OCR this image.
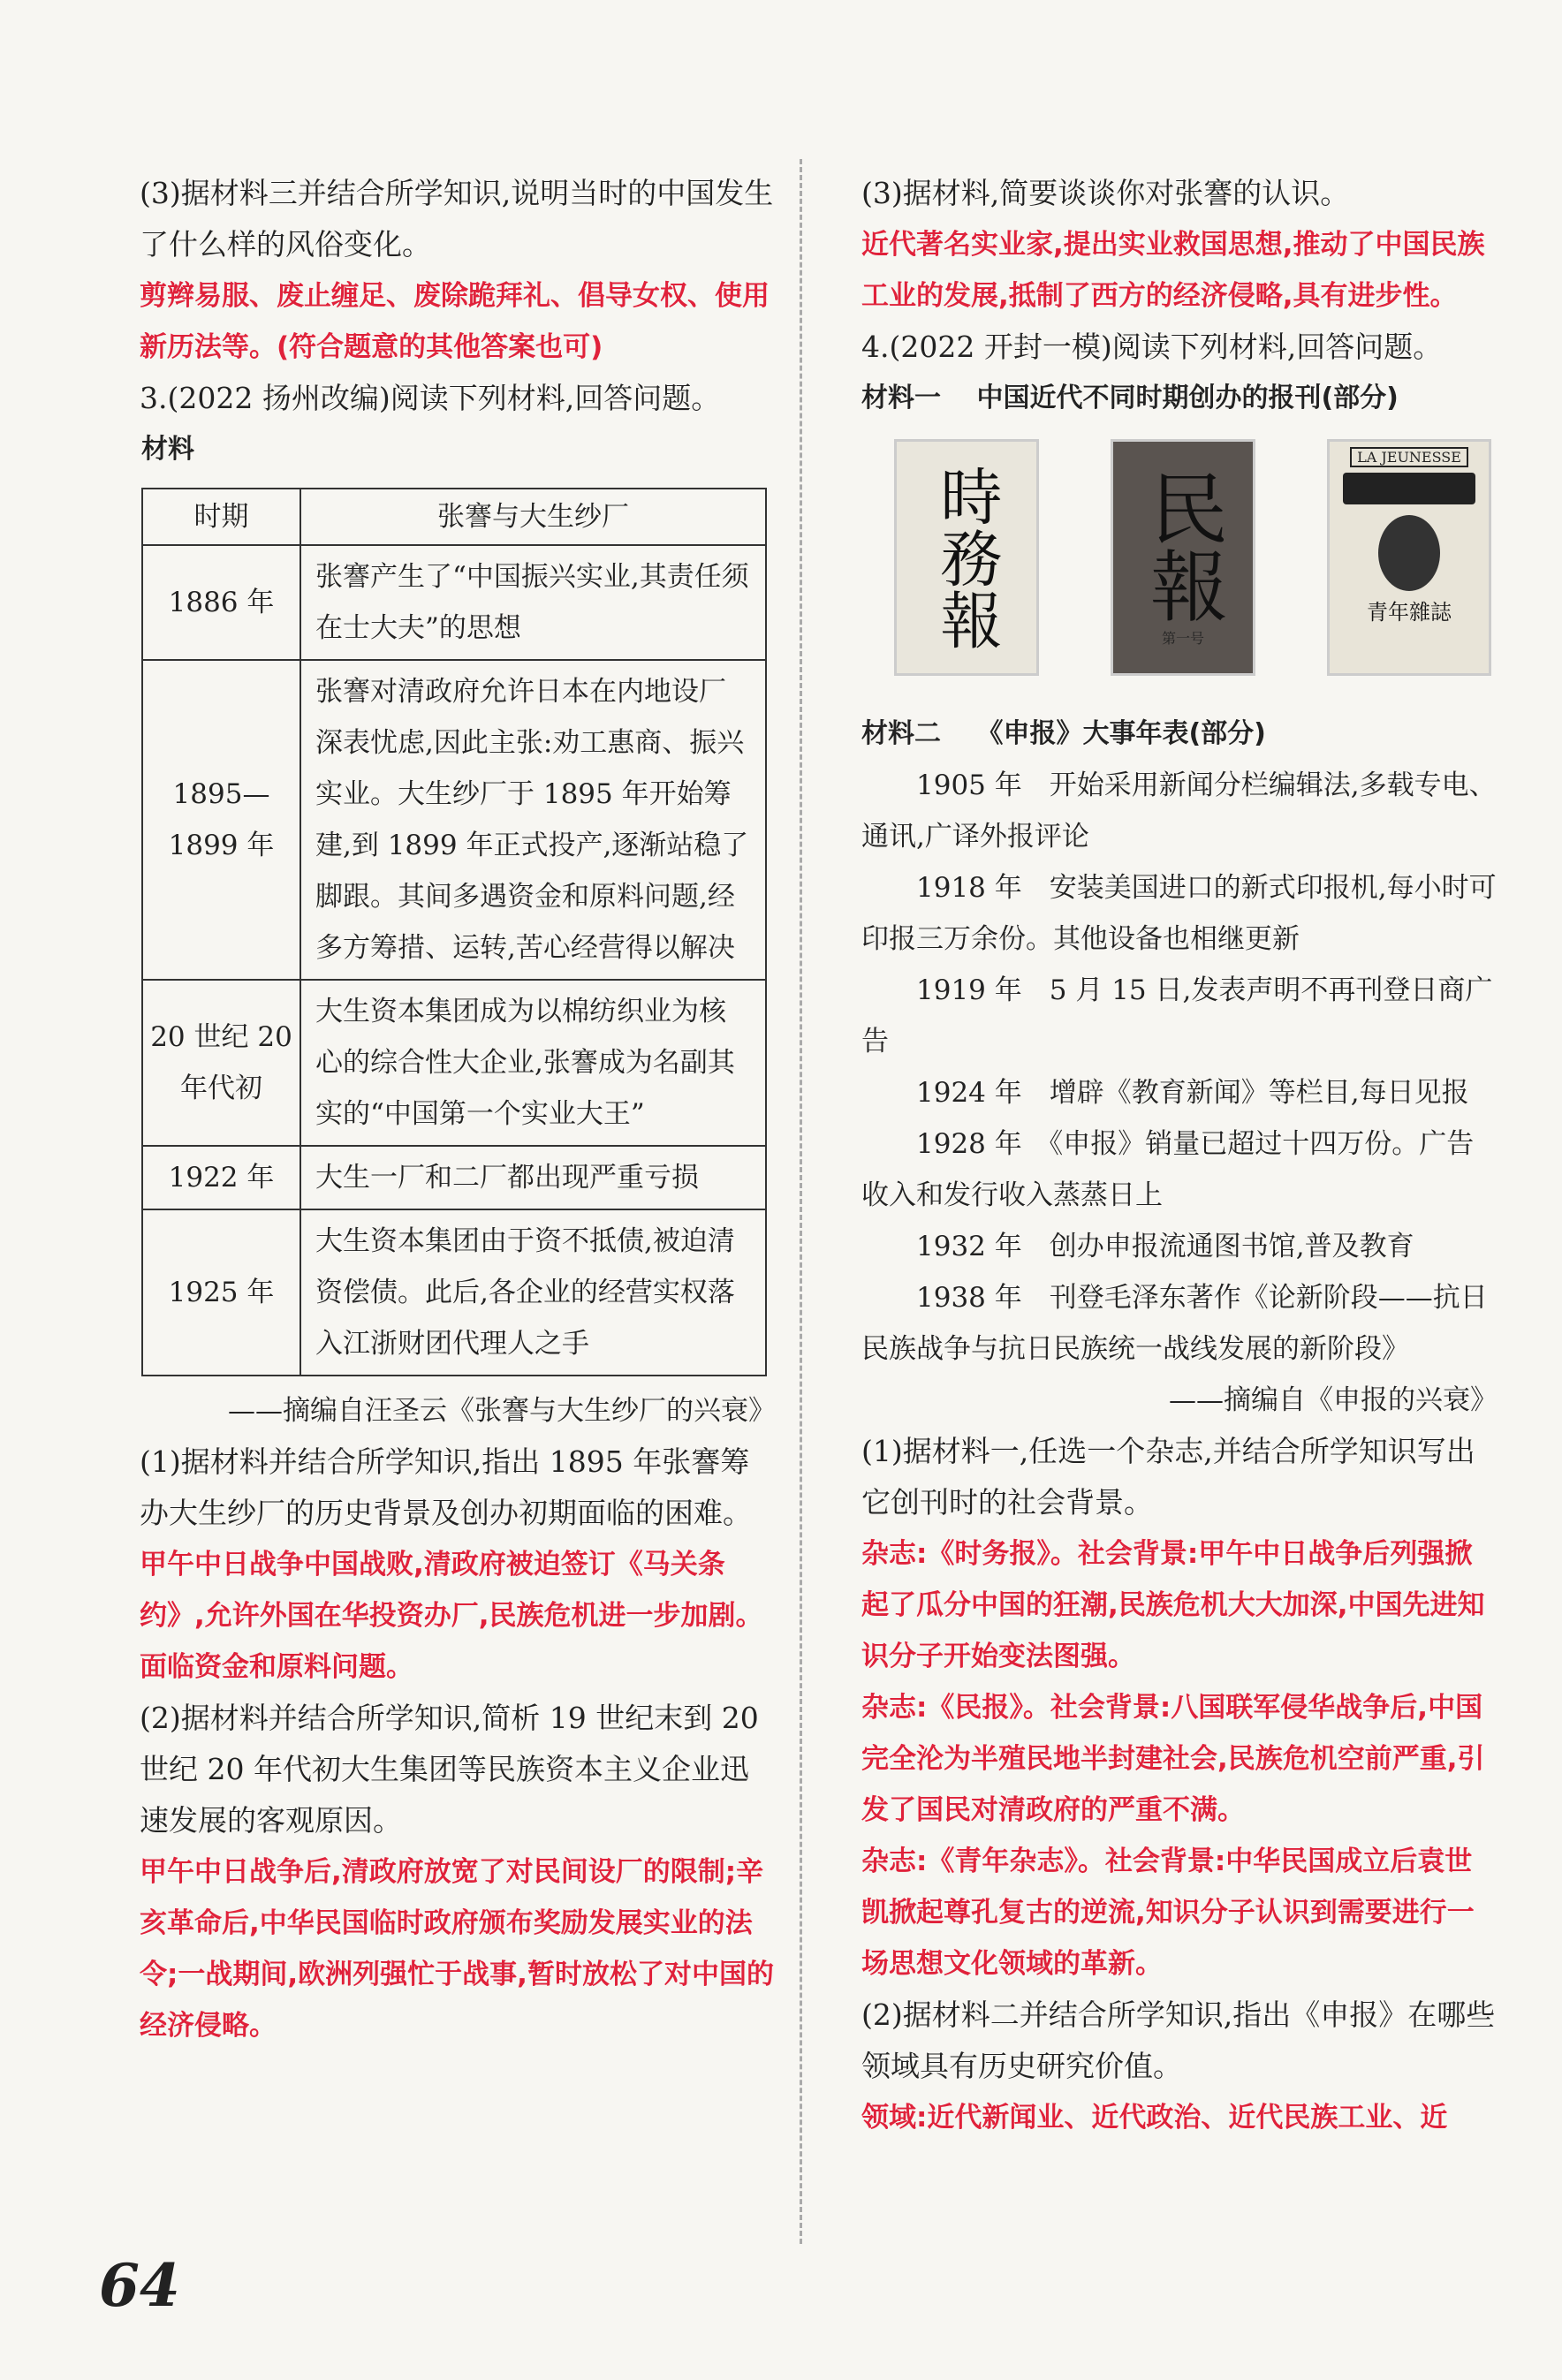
(3)据材料三并结合所学知识,说明当时的中国发生了什么样的风俗变化。

剪辫易服、废止缠足、废除跪拜礼、倡导女权、使用新历法等。(符合题意的其他答案也可)

3.(2022 扬州改编)阅读下列材料,回答问题。

材料

时期	张謇与大生纱厂
1886 年	张謇产生了“中国振兴实业,其责任须在士大夫”的思想
1895—1899 年	张謇对清政府允许日本在内地设厂深表忧虑,因此主张:劝工惠商、振兴实业。大生纱厂于 1895 年开始筹建,到 1899 年正式投产,逐渐站稳了脚跟。其间多遇资金和原料问题,经多方筹措、运转,苦心经营得以解决
20 世纪 20 年代初	大生资本集团成为以棉纺织业为核心的综合性大企业,张謇成为名副其实的“中国第一个实业大王”
1922 年	大生一厂和二厂都出现严重亏损
1925 年	大生资本集团由于资不抵债,被迫清资偿债。此后,各企业的经营实权落入江浙财团代理人之手

——摘编自汪圣云《张謇与大生纱厂的兴衰》

(1)据材料并结合所学知识,指出 1895 年张謇筹办大生纱厂的历史背景及创办初期面临的困难。

甲午中日战争中国战败,清政府被迫签订《马关条约》,允许外国在华投资办厂,民族危机进一步加剧。面临资金和原料问题。

(2)据材料并结合所学知识,简析 19 世纪末到 20 世纪 20 年代初大生集团等民族资本主义企业迅速发展的客观原因。

甲午中日战争后,清政府放宽了对民间设厂的限制;辛亥革命后,中华民国临时政府颁布奖励发展实业的法令;一战期间,欧洲列强忙于战事,暂时放松了对中国的经济侵略。

(3)据材料,简要谈谈你对张謇的认识。

近代著名实业家,提出实业救国思想,推动了中国民族工业的发展,抵制了西方的经济侵略,具有进步性。

4.(2022 开封一模)阅读下列材料,回答问题。

材料一  中国近代不同时期创办的报刊(部分)

時務報 民報
第一号
LA JEUNESSE
青年雜誌

材料二  《申报》大事年表(部分)

1905 年　开始采用新闻分栏编辑法,多载专电、通讯,广译外报评论

1918 年　安装美国进口的新式印报机,每小时可印报三万余份。其他设备也相继更新

1919 年　5 月 15 日,发表声明不再刊登日商广告

1924 年　增辟《教育新闻》等栏目,每日见报

1928 年　《申报》销量已超过十四万份。广告收入和发行收入蒸蒸日上

1932 年　创办申报流通图书馆,普及教育

1938 年　刊登毛泽东著作《论新阶段——抗日民族战争与抗日民族统一战线发展的新阶段》

——摘编自《申报的兴衰》

(1)据材料一,任选一个杂志,并结合所学知识写出它创刊时的社会背景。

杂志:《时务报》。社会背景:甲午中日战争后列强掀起了瓜分中国的狂潮,民族危机大大加深,中国先进知识分子开始变法图强。

杂志:《民报》。社会背景:八国联军侵华战争后,中国完全沦为半殖民地半封建社会,民族危机空前严重,引发了国民对清政府的严重不满。

杂志:《青年杂志》。社会背景:中华民国成立后袁世凯掀起尊孔复古的逆流,知识分子认识到需要进行一场思想文化领域的革新。

(2)据材料二并结合所学知识,指出《申报》在哪些领域具有历史研究价值。

领域:近代新闻业、近代政治、近代民族工业、近

64
